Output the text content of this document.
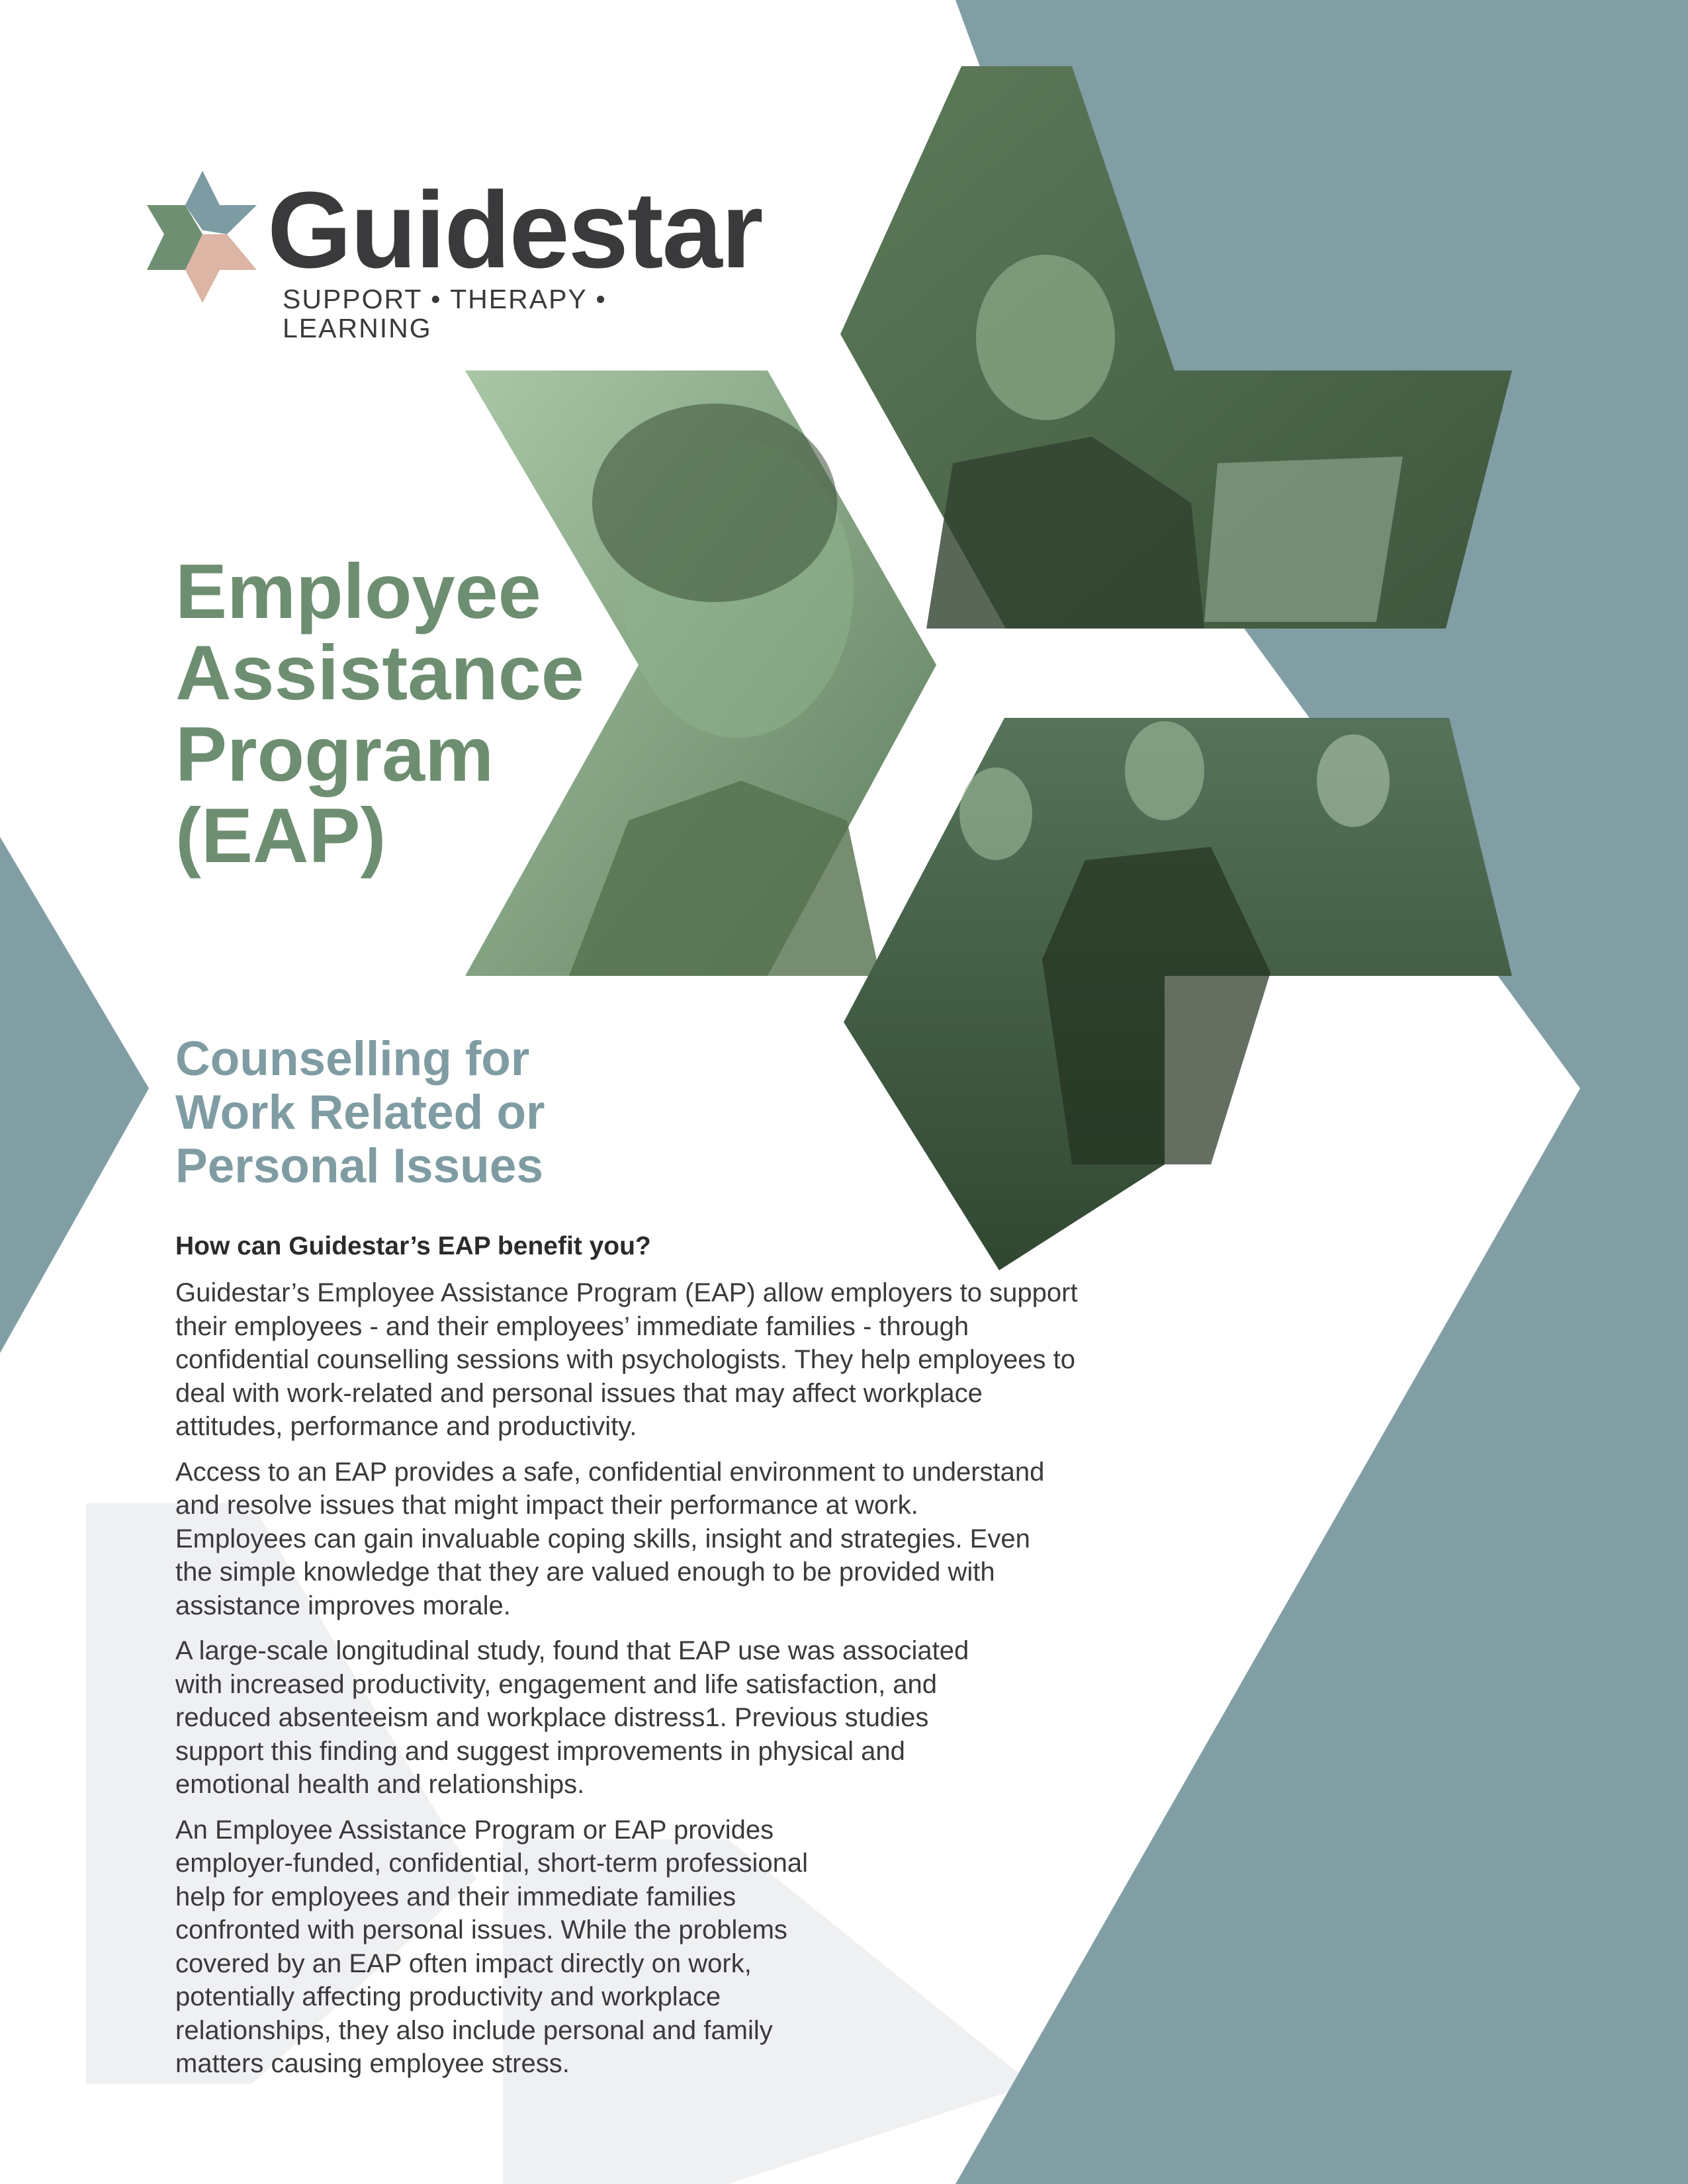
Guidestar

SUPPORT • THERAPY • LEARNING

Employee
Assistance
Program
(EAP)
Counselling for
Work Related or
Personal Issues

How can Guidestar’s EAP benefit you?

Guidestar’s Employee Assistance Program (EAP) allow employers to support
their employees - and their employees’ immediate families - through
confidential counselling sessions with psychologists. They help employees to
deal with work-related and personal issues that may affect workplace
attitudes, performance and productivity.

Access to an EAP provides a safe, confidential environment to understand
and resolve issues that might impact their performance at work.
Employees can gain invaluable coping skills, insight and strategies. Even
the simple knowledge that they are valued enough to be provided with
assistance improves morale.

A large-scale longitudinal study, found that EAP use was associated
with increased productivity, engagement and life satisfaction, and
reduced absenteeism and workplace distress1. Previous studies
support this finding and suggest improvements in physical and
emotional health and relationships.

An Employee Assistance Program or EAP provides
employer-funded, confidential, short-term professional
help for employees and their immediate families
confronted with personal issues. While the problems
covered by an EAP often impact directly on work,
potentially affecting productivity and workplace
relationships, they also include personal and family
matters causing employee stress.
